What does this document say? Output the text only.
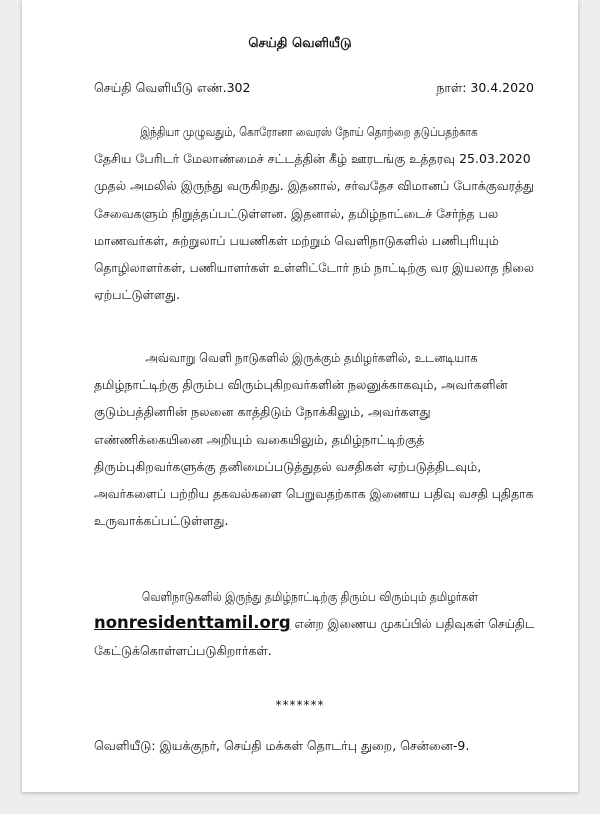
செய்தி வெளியீடு
செய்தி வெளியீடு எண்.302	நாள்: 30.4.2020
இந்தியா முழுவதும், கொரோனா வைரஸ் நோய் தொற்றை தடுப்பதற்காக
தேசிய பேரிடர் மேலாண்மைச் சட்டத்தின் கீழ் ஊரடங்கு உத்தரவு 25.03.2020
முதல் அமலில் இருந்து வருகிறது. இதனால், சர்வதேச விமானப் போக்குவரத்து
சேவைகளும் நிறுத்தப்பட்டுள்ளன. இதனால், தமிழ்நாட்டைச் சேர்ந்த பல
மாணவர்கள், சுற்றுலாப் பயணிகள் மற்றும் வெளிநாடுகளில் பணிபுரியும்
தொழிலாளர்கள், பணியாளர்கள் உள்ளிட்டோர் நம் நாட்டிற்கு வர இயலாத நிலை
ஏற்பட்டுள்ளது.
அவ்வாறு வெளி நாடுகளில் இருக்கும் தமிழர்களில், உடனடியாக
தமிழ்நாட்டிற்கு திரும்ப விரும்புகிறவர்களின் நலனுக்காகவும், அவர்களின்
குடும்பத்தினரின் நலனை காத்திடும் நோக்கிலும், அவர்களது
எண்ணிக்கையினை அறியும் வகையிலும், தமிழ்நாட்டிற்குத்
திரும்புகிறவர்களுக்கு தனிமைப்படுத்துதல் வசதிகள் ஏற்படுத்திடவும்,
அவர்களைப் பற்றிய தகவல்களை பெறுவதற்காக இணைய பதிவு வசதி புதிதாக
உருவாக்கப்பட்டுள்ளது.
வெளிநாடுகளில் இருந்து தமிழ்நாட்டிற்கு திரும்ப விரும்பும் தமிழர்கள்
nonresidenttamil.org என்ற இணைய முகப்பில் பதிவுகள் செய்திட
கேட்டுக்கொள்ளப்படுகிறார்கள்.
*******
வெளியீடு: இயக்குநர், செய்தி மக்கள் தொடர்பு துறை, சென்னை-9.
